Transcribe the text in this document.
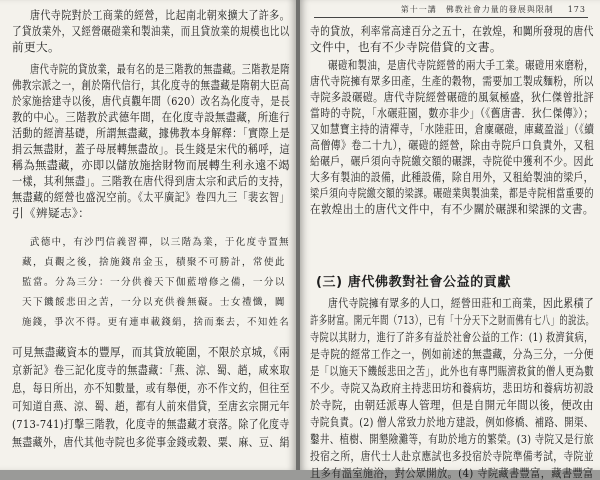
唐代寺院對於工商業的經營，比起南北朝來擴大了許多。
了貸放業外，又經營碾磑業和製油業，而且貸放業的規模也比以
前更大。
唐代寺院的貸放業，最有名的是三階教的無盡藏。三階教是隋
佛教宗派之一，創於隋代信行，其化度寺的無盡藏是隋朝大臣高
於家施捨建寺以後，唐代貞觀年間（620）改名為化度寺，是長
教的中心。三階教於武德年間，在化度寺設無盡藏，所進行
活動的經濟基礎，所謂無盡藏，據佛教本身解釋：「實際上是
捐云無盡財，蓋子母展轉無盡故」。長生錢是宋代的稱呼，這
稱為無盡藏，亦即以儲放施捨財物而展轉生利永遠不竭
一樣，其利無盡」。三階教在唐代得到唐太宗和武后的支持，
無盡藏的經營也盛況空前。《太平廣記》卷四九三「裴玄智」
引《辨疑志》：
武德中，有沙門信義習禪，以三階為業，于化度寺置無
藏，貞觀之後，捨施錢帛金玉，積聚不可勝計，常使此
監當。分為三分：一分供養天下伽藍增修之備，一分以
天下饑餒悲田之苦，一分以充供養無礙。士女禮懺，闐
施錢，爭次不得。更有連車載錢絹，捨而棄去，不知姓名
可見無盡藏資本的豐厚，而其貸放範圍，不限於京城，《兩
京新記》卷三記化度寺的無盡藏：「燕、涼、蜀、趙，咸來取
息，每日所出，亦不知數量，或有舉便，亦不作文約，但往至
可知道自燕、涼、蜀、趙，都有人前來借貸，至唐玄宗開元年
(713-741)打擊三階教，化度寺的無盡藏才衰落。除了化度寺
無盡藏外，唐代其他寺院也多從事金錢或穀、粟、麻、豆、絹
第十一講　佛教社會力量的發展與限制 173
寺的貸放，利率常高達百分之五十，在敦煌，和闐所發現的唐代
文件中，也有不少寺院借貸的文書。
碾磑和製油，是唐代寺院經營的兩大手工業。碾磑用來磨粉，
唐代寺院擁有眾多田產，生產的穀物，需要加工製成麵粉，所以
寺院多設碾磑。唐代寺院經營碾磑的風氣極盛，狄仁傑曾批評
當時的寺院，「水碾莊園，數亦非少」（《舊唐書．狄仁傑傳》）；
又如慧寶主持的清禪寺，「水陸莊田，倉廩碾磑，庫藏盈溢」（《續
高僧傳》卷二十九），碾磑的經營，除由寺院戶口負責外，又租
給碾戶，碾戶須向寺院繳交額的碾課，寺院從中獲利不少。因此
大多有製油的設備，此種設備，除自用外，又租給製油的梁戶，
梁戶須向寺院繳交額的梁課。碾磑業與製油業，都是寺院相當重要的
在敦煌出土的唐代文件中，有不少關於碾課和梁課的文書。
(三) 唐代佛教對社會公益的貢獻
唐代寺院擁有眾多的人口，經營田莊和工商業，因此累積了
許多財富。開元年間（713），已有「十分天下之財而佛有七八」的說法。
寺院以其財力，進行了許多有益於社會公益的工作：(1) 救濟貧病，
是寺院的經常工作之一，例如前述的無盡藏，分為三分，一分便
是「以施天下饑餒悲田之苦」，此外也有專門賑濟救貧的僧人更為數
不少。寺院又為政府主持悲田坊和養病坊，悲田坊和養病坊初設
於寺院，由朝廷派專人管理，但是自開元年間以後，便改由
寺院負責。(2) 僧人常致力於地方建設，例如修橋、補路、開渠、
鑿井、植樹、開墾險灘等，有助於地方的繁榮。(3) 寺院又是行旅
投宿之所，唐代士人赴京應試也多投宿於寺院準備考試，寺院並
且多有溫室施浴，對公眾開放。(4) 寺院藏書豐富，藏書豐富
